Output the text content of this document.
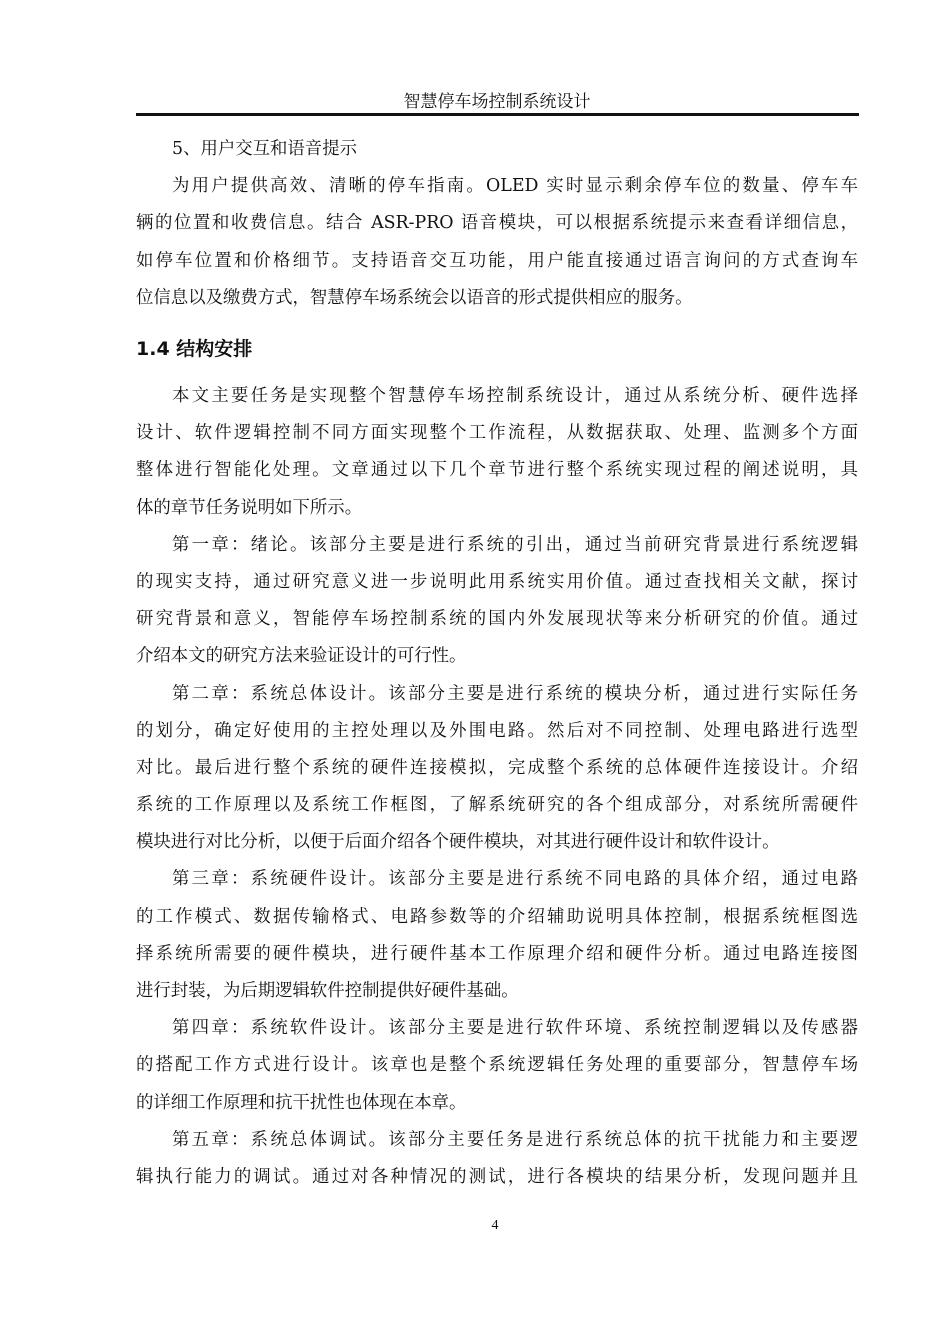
智慧停车场控制系统设计
5、用户交互和语音提示
为用户提供高效、清晰的停车指南。OLED 实时显示剩余停车位的数量、停车车
辆的位置和收费信息。结合 ASR-PRO 语音模块，可以根据系统提示来查看详细信息，
如停车位置和价格细节。支持语音交互功能，用户能直接通过语言询问的方式查询车
位信息以及缴费方式，智慧停车场系统会以语音的形式提供相应的服务。
1.4 结构安排
本文主要任务是实现整个智慧停车场控制系统设计，通过从系统分析、硬件选择
设计、软件逻辑控制不同方面实现整个工作流程，从数据获取、处理、监测多个方面
整体进行智能化处理。文章通过以下几个章节进行整个系统实现过程的阐述说明，具
体的章节任务说明如下所示。
第一章：绪论。该部分主要是进行系统的引出，通过当前研究背景进行系统逻辑
的现实支持，通过研究意义进一步说明此用系统实用价值。通过查找相关文献，探讨
研究背景和意义，智能停车场控制系统的国内外发展现状等来分析研究的价值。通过
介绍本文的研究方法来验证设计的可行性。
第二章：系统总体设计。该部分主要是进行系统的模块分析，通过进行实际任务
的划分，确定好使用的主控处理以及外围电路。然后对不同控制、处理电路进行选型
对比。最后进行整个系统的硬件连接模拟，完成整个系统的总体硬件连接设计。介绍
系统的工作原理以及系统工作框图，了解系统研究的各个组成部分，对系统所需硬件
模块进行对比分析，以便于后面介绍各个硬件模块，对其进行硬件设计和软件设计。
第三章：系统硬件设计。该部分主要是进行系统不同电路的具体介绍，通过电路
的工作模式、数据传输格式、电路参数等的介绍辅助说明具体控制，根据系统框图选
择系统所需要的硬件模块，进行硬件基本工作原理介绍和硬件分析。通过电路连接图
进行封装，为后期逻辑软件控制提供好硬件基础。
第四章：系统软件设计。该部分主要是进行软件环境、系统控制逻辑以及传感器
的搭配工作方式进行设计。该章也是整个系统逻辑任务处理的重要部分，智慧停车场
的详细工作原理和抗干扰性也体现在本章。
第五章：系统总体调试。该部分主要任务是进行系统总体的抗干扰能力和主要逻
辑执行能力的调试。通过对各种情况的测试，进行各模块的结果分析，发现问题并且
4
